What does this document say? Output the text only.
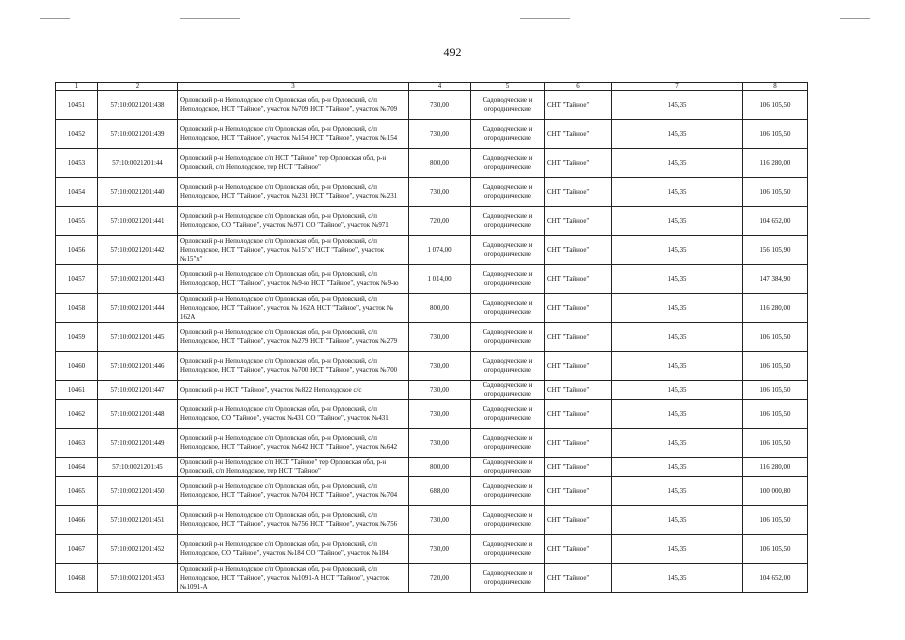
492
1	2	3	4	5	6	7	8
10451	57:10:0021201:438	Орловский р-н Неполодское с/п Орловская обл, р-н Орловский, с/п Неполодское, НСТ "Тайное", участок №709 НСТ "Тайное", участок №709	730,00	Садоводческие и огороднические	СНТ "Тайное"	145,35	106 105,50
10452	57:10:0021201:439	Орловский р-н Неполодское с/п Орловская обл, р-н Орловский, с/п Неполодское, НСТ "Тайное", участок №154 НСТ "Тайное", участок №154	730,00	Садоводческие и огороднические	СНТ "Тайное"	145,35	106 105,50
10453	57:10:0021201:44	Орловский р-н Неполодское с/п НСТ "Тайное" тер Орловская обл, р-н Орловский, с/п Неполодское, тер НСТ "Тайное"	800,00	Садоводческие и огороднические	СНТ "Тайное"	145,35	116 280,00
10454	57:10:0021201:440	Орловский р-н Неполодское с/п Орловская обл, р-н Орловский, с/п Неполодское, НСТ "Тайное", участок №231 НСТ "Тайное", участок №231	730,00	Садоводческие и огороднические	СНТ "Тайное"	145,35	106 105,50
10455	57:10:0021201:441	Орловский р-н Неполодское с/п Орловская обл, р-н Орловский, с/п Неполодское, СО "Тайное", участок №971 СО "Тайное", участок №971	720,00	Садоводческие и огороднические	СНТ "Тайное"	145,35	104 652,00
10456	57:10:0021201:442	Орловский р-н Неполодское с/п Орловская обл, р-н Орловский, с/п Неполодское, НСТ "Тайное", участок №15"х" НСТ "Тайное", участок №15"х"	1 074,00	Садоводческие и огороднические	СНТ "Тайное"	145,35	156 105,90
10457	57:10:0021201:443	Орловский р-н Неполодское с/п Орловская обл, р-н Орловский, с/п Неполодскор, НСТ "Тайное", участок №9-ю НСТ "Тайное", участок №9-ю	1 014,00	Садоводческие и огороднические	СНТ "Тайное"	145,35	147 384,90
10458	57:10:0021201:444	Орловский р-н Неполодское с/п Орловская обл, р-н Орловский, с/п Неполодское, НСТ "Тайное", участок № 162А НСТ "Тайное", участок № 162А	800,00	Садоводческие и огороднические	СНТ "Тайное"	145,35	116 280,00
10459	57:10:0021201:445	Орловский р-н Неполодское с/п Орловская обл, р-н Орловский, с/п Неполодское, НСТ "Тайное", участок №279 НСТ "Тайное", участок №279	730,00	Садоводческие и огороднические	СНТ "Тайное"	145,35	106 105,50
10460	57:10:0021201:446	Орловский р-н Неполодское с/п Орловская обл, р-н Орловский, с/п Неполодское, НСТ "Тайное", участок №700 НСТ "Тайное", участок №700	730,00	Садоводческие и огороднические	СНТ "Тайное"	145,35	106 105,50
10461	57:10:0021201:447	Орловский р-н НСТ "Тайное", участок №822 Неполодское с/с	730,00	Садоводческие и огороднические	СНТ "Тайное"	145,35	106 105,50
10462	57:10:0021201:448	Орловский р-н Неполодское с/п Орловская обл, р-н Орловский, с/п Неполодское, СО "Тайное", участок №431 СО "Тайное", участок №431	730,00	Садоводческие и огороднические	СНТ "Тайное"	145,35	106 105,50
10463	57:10:0021201:449	Орловский р-н Неполодское с/п Орловская обл, р-н Орловский, с/п Неполодское, НСТ "Тайное", участок №642 НСТ "Тайное", участок №642	730,00	Садоводческие и огороднические	СНТ "Тайное"	145,35	106 105,50
10464	57:10:0021201:45	Орловский р-н Неполодское с/п НСТ "Тайное" тер Орловская обл, р-н Орловский, с/п Неполодское, тер НСТ "Тайное"	800,00	Садоводческие и огороднические	СНТ "Тайное"	145,35	116 280,00
10465	57:10:0021201:450	Орловский р-н Неполодское с/п Орловская обл, р-н Орловский, с/п Неполодское, НСТ "Тайное", участок №704 НСТ "Тайное", участок №704	688,00	Садоводческие и огороднические	СНТ "Тайное"	145,35	100 000,80
10466	57:10:0021201:451	Орловский р-н Неполодское с/п Орловская обл, р-н Орловский, с/п Неполодское, НСТ "Тайное", участок №756 НСТ "Тайное", участок №756	730,00	Садоводческие и огороднические	СНТ "Тайное"	145,35	106 105,50
10467	57:10:0021201:452	Орловский р-н Неполодское с/п Орловская обл, р-н Орловский, с/п Неполодское, СО "Тайное", участок №184 СО "Тайное", участок №184	730,00	Садоводческие и огороднические	СНТ "Тайное"	145,35	106 105,50
10468	57:10:0021201:453	Орловский р-н Неполодское с/п Орловская обл, р-н Орловский, с/п Неполодское, НСТ "Тайное", участок №1091-А НСТ "Тайное", участок №1091-А	720,00	Садоводческие и огороднические	СНТ "Тайное"	145,35	104 652,00
